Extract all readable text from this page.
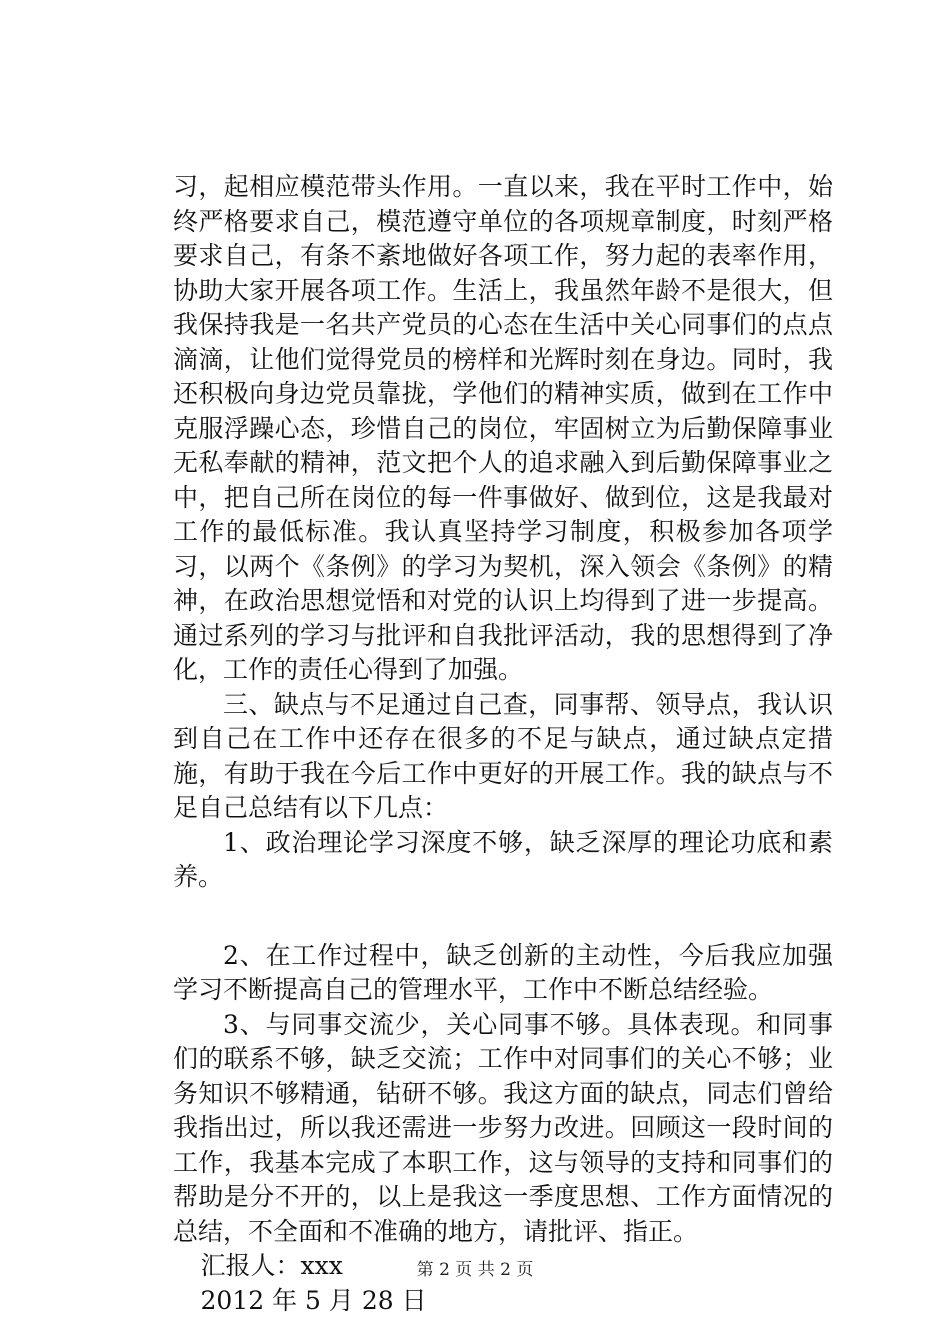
习，起相应模范带头作用。一直以来，我在平时工作中，始终严格要求自己，模范遵守单位的各项规章制度，时刻严格要求自己，有条不紊地做好各项工作，努力起的表率作用，协助大家开展各项工作。生活上，我虽然年龄不是很大，但我保持我是一名共产党员的心态在生活中关心同事们的点点滴滴，让他们觉得党员的榜样和光辉时刻在身边。同时，我还积极向身边党员靠拢，学他们的精神实质，做到在工作中克服浮躁心态，珍惜自己的岗位，牢固树立为后勤保障事业无私奉献的精神，范文把个人的追求融入到后勤保障事业之中，把自己所在岗位的每一件事做好、做到位，这是我最对工作的最低标准。我认真坚持学习制度，积极参加各项学习，以两个《条例》的学习为契机，深入领会《条例》的精神，在政治思想觉悟和对党的认识上均得到了进一步提高。通过系列的学习与批评和自我批评活动，我的思想得到了净化，工作的责任心得到了加强。

三、缺点与不足通过自己查，同事帮、领导点，我认识到自己在工作中还存在很多的不足与缺点，通过缺点定措施，有助于我在今后工作中更好的开展工作。我的缺点与不足自己总结有以下几点：

1、政治理论学习深度不够，缺乏深厚的理论功底和素养。

2、在工作过程中，缺乏创新的主动性，今后我应加强学习不断提高自己的管理水平，工作中不断总结经验。

3、与同事交流少，关心同事不够。具体表现。和同事们的联系不够，缺乏交流；工作中对同事们的关心不够；业务知识不够精通，钻研不够。我这方面的缺点，同志们曾给我指出过，所以我还需进一步努力改进。回顾这一段时间的工作，我基本完成了本职工作，这与领导的支持和同事们的帮助是分不开的，以上是我这一季度思想、工作方面情况的总结，不全面和不准确的地方，请批评、指正。

汇报人：xxx

2012 年 5 月 28 日

第 2 页 共 2 页
